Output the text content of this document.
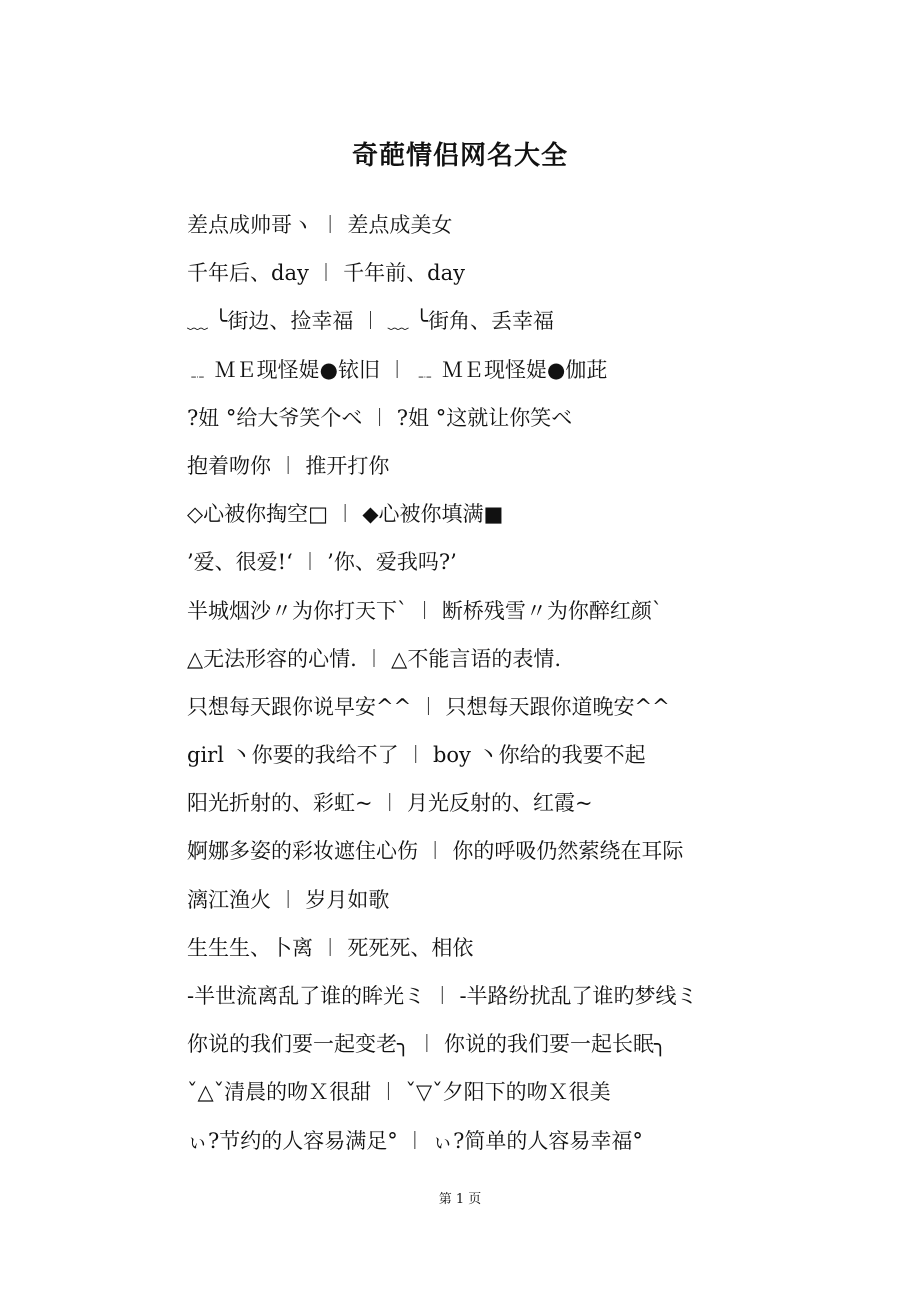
奇葩情侣网名大全
差点成帅哥ヽ ︱ 差点成美女
千年后、day ︱ 千年前、day
﹏ ╰街边、捡幸福 ︱ ﹏ ╰街角、丢幸福
﹎ ＭＥ现怪媞●铱旧 ︱ ﹎ ＭＥ现怪媞●伽茈
?妞 °给大爷笑个ベ ︱ ?姐 °这就让你笑ベ
抱着吻你 ︱ 推开打你
◇心被你掏空□ ︱ ◆心被你填满■
’爱、很爱!‘ ︱ ’你、爱我吗?’
半城烟沙〃为你打天下` ︱ 断桥残雪〃为你醉红颜`
△无法形容的心情. ︱ △不能言语的表情.
只想每天跟你说早安^^ ︱ 只想每天跟你道晚安^^
girl 丶你要的我给不了 ︱ boy 丶你给的我要不起
阳光折射的、彩虹~ ︱ 月光反射的、红霞~
婀娜多姿的彩妆遮住心伤 ︱ 你的呼吸仍然萦绕在耳际
漓江渔火 ︱ 岁月如歌
生生生、卜离 ︱ 死死死、相依
-半世流离乱了谁的眸光ミ ︱ -半路纷扰乱了谁旳梦线ミ
你说的我们要一起变老╮ ︱ 你说的我们要一起长眠╮
ˇ△ˇ清晨的吻Ｘ很甜 ︱ ˇ▽ˇ夕阳下的吻Ｘ很美
ぃ?节约的人容易满足° ︱ ぃ?简单的人容易幸福°
第 1 页
